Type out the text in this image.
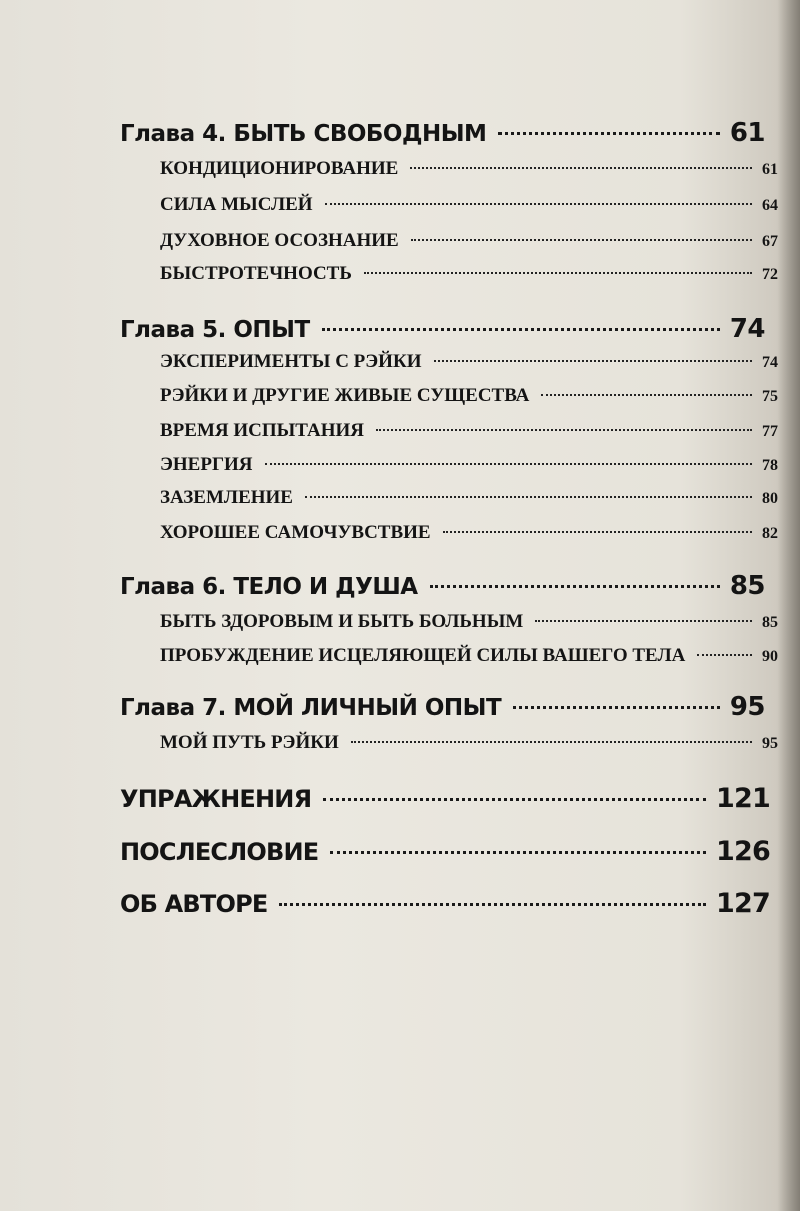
Глава 4. БЫТЬ СВОБОДНЫМ	61
КОНДИЦИОНИРОВАНИЕ	61
СИЛА МЫСЛЕЙ	64
ДУХОВНОЕ ОСОЗНАНИЕ	67
БЫСТРОТЕЧНОСТЬ	72
Глава 5. ОПЫТ	74
ЭКСПЕРИМЕНТЫ С РЭЙКИ	74
РЭЙКИ И ДРУГИЕ ЖИВЫЕ СУЩЕСТВА	75
ВРЕМЯ ИСПЫТАНИЯ	77
ЭНЕРГИЯ	78
ЗАЗЕМЛЕНИЕ	80
ХОРОШЕЕ САМОЧУВСТВИЕ	82
Глава 6. ТЕЛО И ДУША	85
БЫТЬ ЗДОРОВЫМ И БЫТЬ БОЛЬНЫМ	85
ПРОБУЖДЕНИЕ ИСЦЕЛЯЮЩЕЙ СИЛЫ ВАШЕГО ТЕЛА	90
Глава 7. МОЙ ЛИЧНЫЙ ОПЫТ	95
МОЙ ПУТЬ РЭЙКИ	95
УПРАЖНЕНИЯ	121
ПОСЛЕСЛОВИЕ	126
ОБ АВТОРЕ	127
